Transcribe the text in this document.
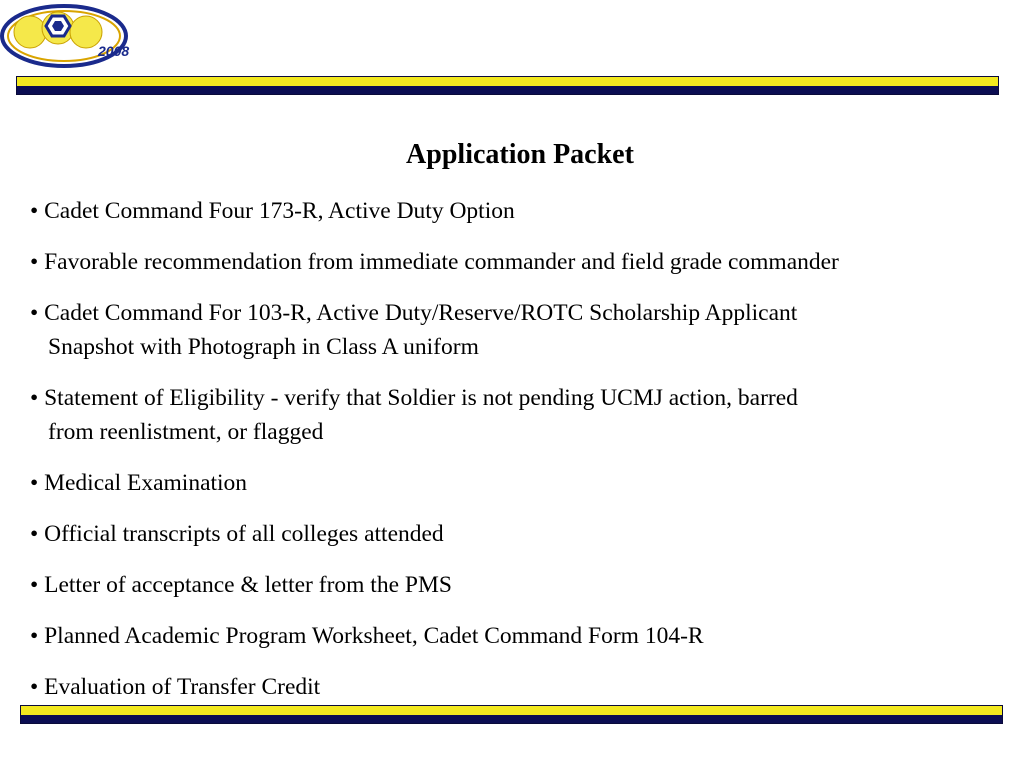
2008
Application Packet
• Cadet Command Four 173-R, Active Duty Option
• Favorable recommendation from immediate commander and field grade commander
• Cadet Command For 103-R, Active Duty/Reserve/ROTC Scholarship Applicant
Snapshot with Photograph in Class A uniform
• Statement of Eligibility - verify that Soldier is not pending UCMJ action, barred
from reenlistment, or flagged
• Medical Examination
• Official transcripts of all colleges attended
• Letter of acceptance & letter from the PMS
• Planned Academic Program Worksheet, Cadet Command Form 104-R
• Evaluation of Transfer Credit
